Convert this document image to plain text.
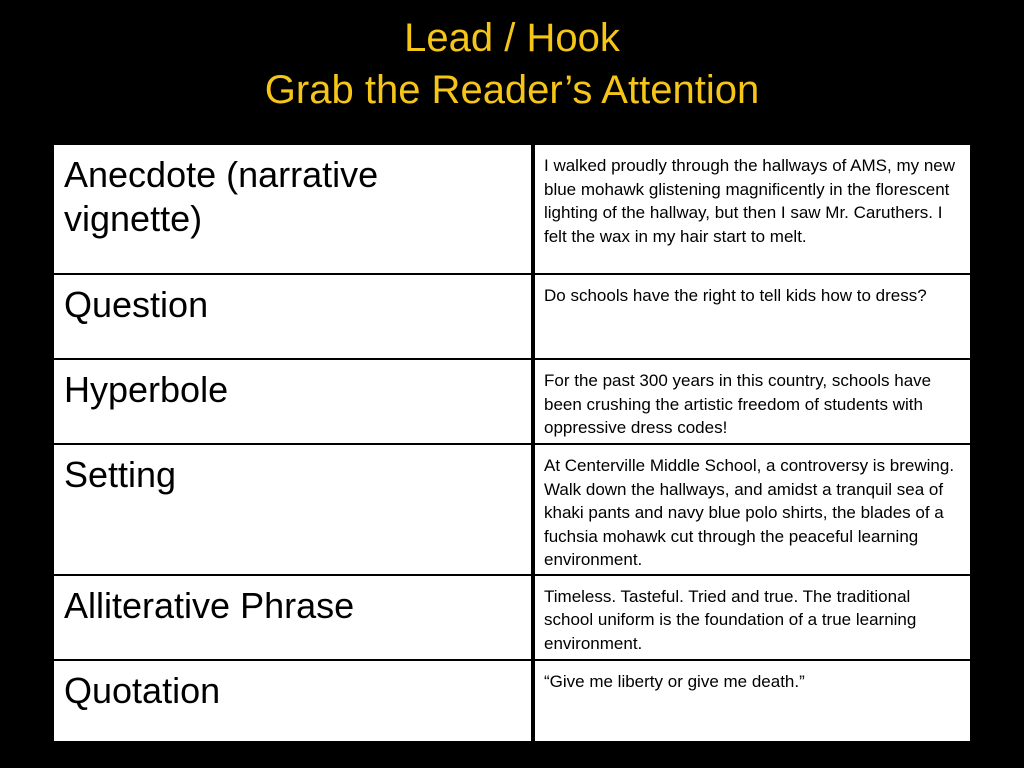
Lead / Hook
Grab the Reader’s Attention
Anecdote (narrative vignette)	I walked proudly through the hallways of AMS, my new blue mohawk glistening magnificently in the florescent lighting of the hallway, but then I saw Mr. Caruthers. I felt the wax in my hair start to melt.
Question	Do schools have the right to tell kids how to dress?
Hyperbole	For the past 300 years in this country, schools have been crushing the artistic freedom of students with oppressive dress codes!
Setting	At Centerville Middle School, a controversy is brewing. Walk down the hallways, and amidst a tranquil sea of khaki pants and navy blue polo shirts, the blades of a fuchsia mohawk cut through the peaceful learning environment.
Alliterative Phrase	Timeless. Tasteful. Tried and true. The traditional school uniform is the foundation of a true learning environment.
Quotation	“Give me liberty or give me death.”
